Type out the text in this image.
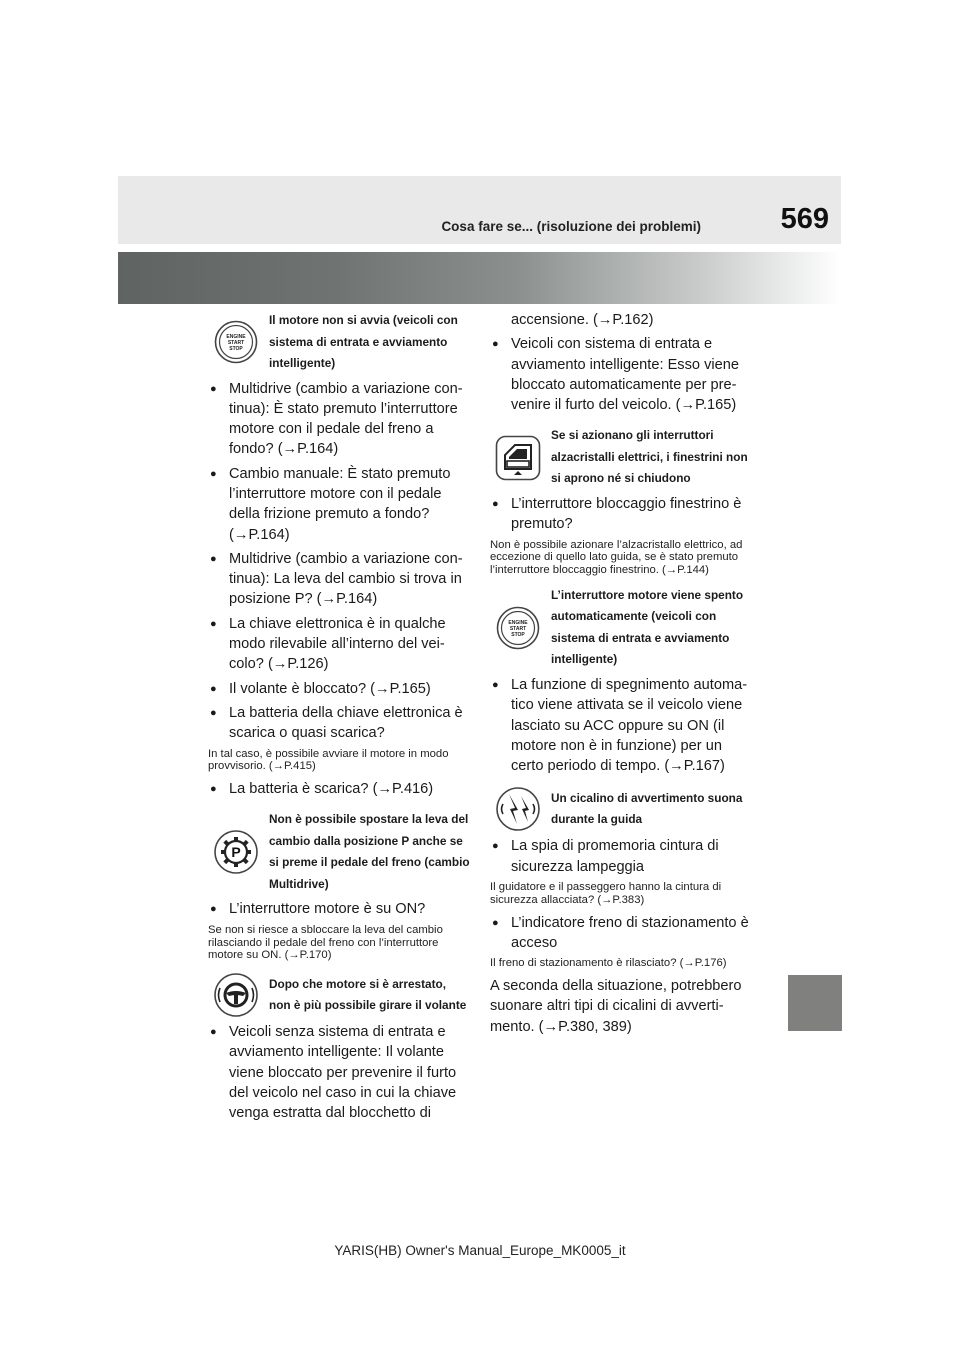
Cosa fare se... (risoluzione dei problemi)	569
ENGINE
START
STOP
Il motore non si avvia (veicoli con sistema di entrata e avviamento intelligente)
● Multidrive (cambio a variazione continua): È stato premuto l’interruttore motore con il pedale del freno a fondo? (→P.164)
● Cambio manuale: È stato premuto l’interruttore motore con il pedale della frizione premuto a fondo? (→P.164)
● Multidrive (cambio a variazione continua): La leva del cambio si trova in posizione P? (→P.164)
● La chiave elettronica è in qualche modo rilevabile all’interno del veicolo? (→P.126)
● Il volante è bloccato? (→P.165)
● La batteria della chiave elettronica è scarica o quasi scarica?
In tal caso, è possibile avviare il motore in modo provvisorio. (→P.415)
● La batteria è scarica? (→P.416)
P
Non è possibile spostare la leva del cambio dalla posizione P anche se si preme il pedale del freno (cambio Multidrive)
● L’interruttore motore è su ON?
Se non si riesce a sbloccare la leva del cambio rilasciando il pedale del freno con l’interruttore motore su ON. (→P.170)
Dopo che motore si è arrestato, non è più possibile girare il volante
● Veicoli senza sistema di entrata e avviamento intelligente: Il volante viene bloccato per prevenire il furto del veicolo nel caso in cui la chiave venga estratta dal blocchetto di
accensione. (→P.162)
● Veicoli con sistema di entrata e avviamento intelligente: Esso viene bloccato automaticamente per prevenire il furto del veicolo. (→P.165)
Se si azionano gli interruttori alzacristalli elettrici, i finestrini non si aprono né si chiudono
● L’interruttore bloccaggio finestrino è premuto?
Non è possibile azionare l’alzacristallo elettrico, ad eccezione di quello lato guida, se è stato premuto l’interruttore bloccaggio finestrino. (→P.144)
ENGINE
START
STOP
L’interruttore motore viene spento automaticamente (veicoli con sistema di entrata e avviamento intelligente)
● La funzione di spegnimento automatico viene attivata se il veicolo viene lasciato su ACC oppure su ON (il motore non è in funzione) per un certo periodo di tempo. (→P.167)
Un cicalino di avvertimento suona durante la guida
● La spia di promemoria cintura di sicurezza lampeggia
Il guidatore e il passeggero hanno la cintura di sicurezza allacciata? (→P.383)
● L’indicatore freno di stazionamento è acceso
Il freno di stazionamento è rilasciato? (→P.176)
A seconda della situazione, potrebbero suonare altri tipi di cicalini di avvertimento. (→P.380, 389)
YARIS(HB) Owner's Manual_Europe_MK0005_it
